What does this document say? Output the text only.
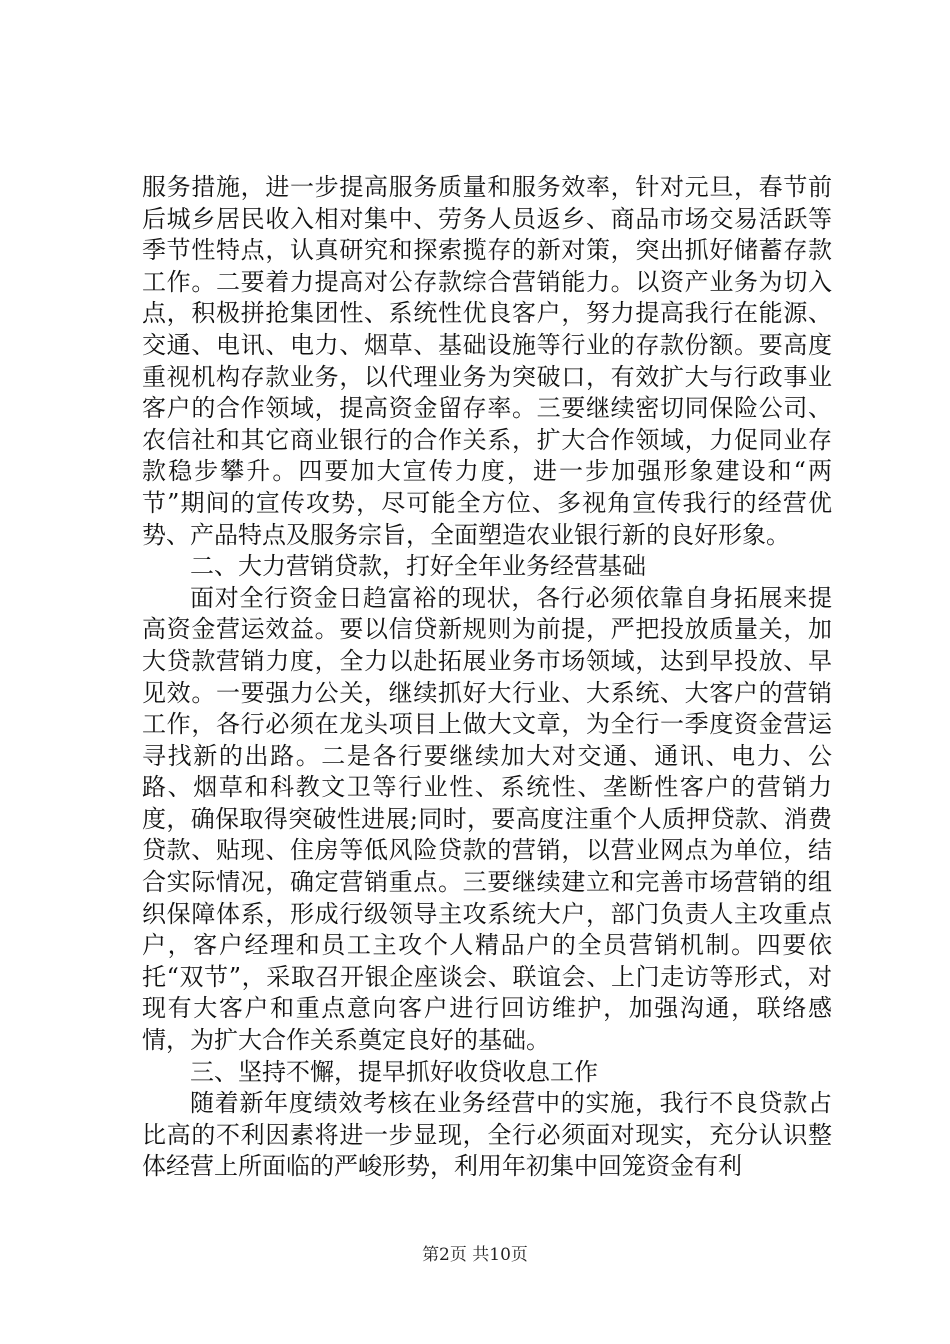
服务措施，进一步提高服务质量和服务效率，针对元旦，春节前后城乡居民收入相对集中、劳务人员返乡、商品市场交易活跃等季节性特点，认真研究和探索揽存的新对策，突出抓好储蓄存款工作。二要着力提高对公存款综合营销能力。以资产业务为切入点，积极拼抢集团性、系统性优良客户，努力提高我行在能源、交通、电讯、电力、烟草、基础设施等行业的存款份额。要高度重视机构存款业务，以代理业务为突破口，有效扩大与行政事业客户的合作领域，提高资金留存率。三要继续密切同保险公司、农信社和其它商业银行的合作关系，扩大合作领域，力促同业存款稳步攀升。四要加大宣传力度，进一步加强形象建设和“两节”期间的宣传攻势，尽可能全方位、多视角宣传我行的经营优势、产品特点及服务宗旨，全面塑造农业银行新的良好形象。

二、大力营销贷款，打好全年业务经营基础

面对全行资金日趋富裕的现状，各行必须依靠自身拓展来提高资金营运效益。要以信贷新规则为前提，严把投放质量关，加大贷款营销力度，全力以赴拓展业务市场领域，达到早投放、早见效。一要强力公关，继续抓好大行业、大系统、大客户的营销工作，各行必须在龙头项目上做大文章，为全行一季度资金营运寻找新的出路。二是各行要继续加大对交通、通讯、电力、公路、烟草和科教文卫等行业性、系统性、垄断性客户的营销力度，确保取得突破性进展;同时，要高度注重个人质押贷款、消费贷款、贴现、住房等低风险贷款的营销，以营业网点为单位，结合实际情况，确定营销重点。三要继续建立和完善市场营销的组织保障体系，形成行级领导主攻系统大户，部门负责人主攻重点户，客户经理和员工主攻个人精品户的全员营销机制。四要依托“双节”，采取召开银企座谈会、联谊会、上门走访等形式，对现有大客户和重点意向客户进行回访维护，加强沟通，联络感情，为扩大合作关系奠定良好的基础。

三、坚持不懈，提早抓好收贷收息工作

随着新年度绩效考核在业务经营中的实施，我行不良贷款占比高的不利因素将进一步显现，全行必须面对现实，充分认识整体经营上所面临的严峻形势，利用年初集中回笼资金有利

第2页 共10页
